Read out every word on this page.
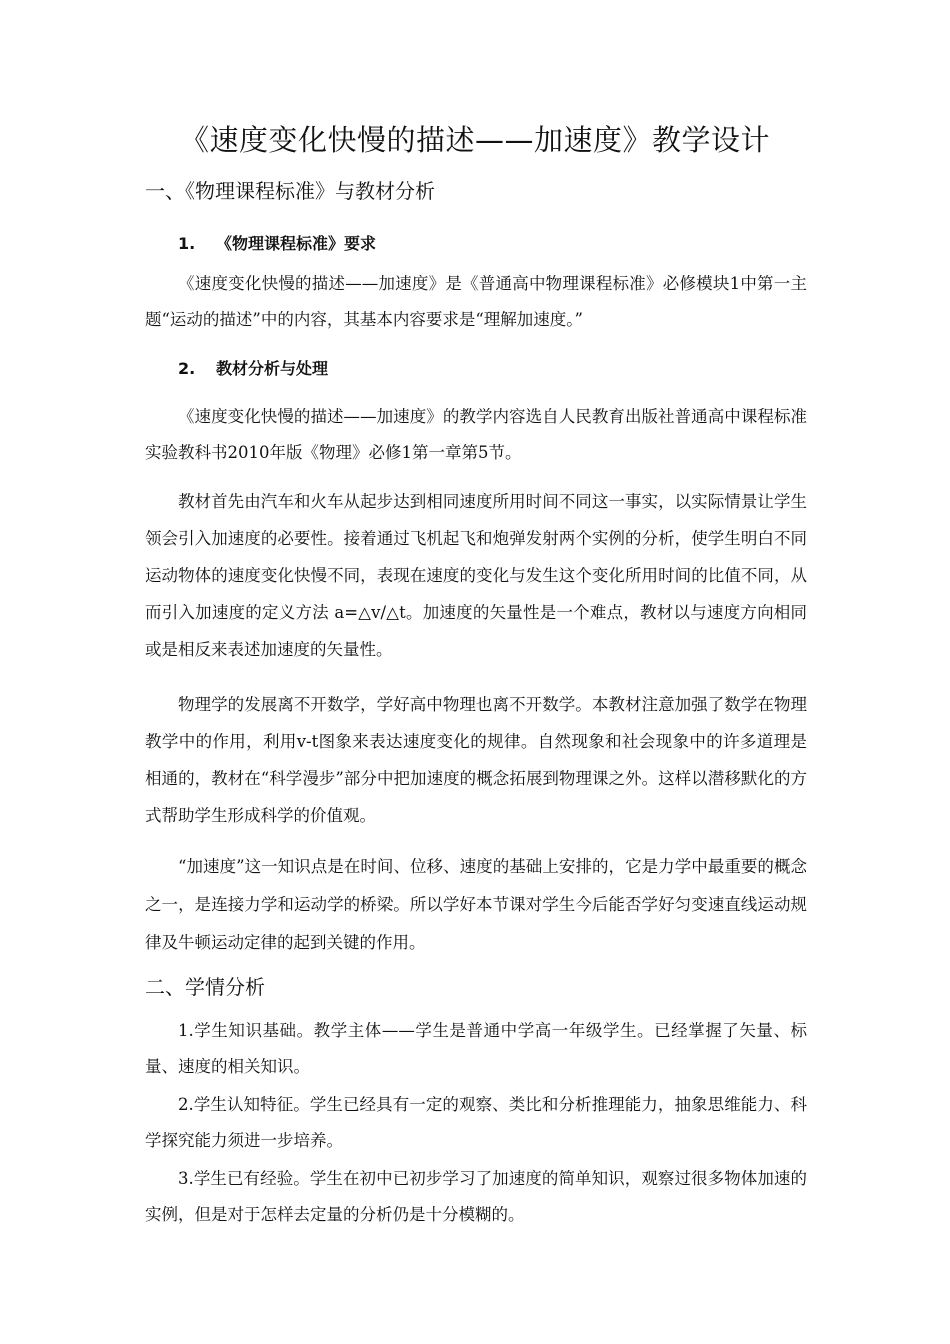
《速度变化快慢的描述——加速度》教学设计
一、《物理课程标准》与教材分析
1. 《物理课程标准》要求

《速度变化快慢的描述——加速度》是《普通高中物理课程标准》必修模块1中第一主题“运动的描述”中的内容，其基本内容要求是“理解加速度。”

2. 教材分析与处理

《速度变化快慢的描述——加速度》的教学内容选自人民教育出版社普通高中课程标准实验教科书2010年版《物理》必修1第一章第5节。

教材首先由汽车和火车从起步达到相同速度所用时间不同这一事实，以实际情景让学生领会引入加速度的必要性。接着通过飞机起飞和炮弹发射两个实例的分析，使学生明白不同运动物体的速度变化快慢不同，表现在速度的变化与发生这个变化所用时间的比值不同，从而引入加速度的定义方法 a=△v/△t。加速度的矢量性是一个难点，教材以与速度方向相同或是相反来表述加速度的矢量性。

物理学的发展离不开数学，学好高中物理也离不开数学。本教材注意加强了数学在物理教学中的作用，利用v-t图象来表达速度变化的规律。自然现象和社会现象中的许多道理是相通的，教材在“科学漫步”部分中把加速度的概念拓展到物理课之外。这样以潜移默化的方式帮助学生形成科学的价值观。

“加速度”这一知识点是在时间、位移、速度的基础上安排的，它是力学中最重要的概念之一，是连接力学和运动学的桥梁。所以学好本节课对学生今后能否学好匀变速直线运动规律及牛顿运动定律的起到关键的作用。

二、学情分析

1.学生知识基础。教学主体——学生是普通中学高一年级学生。已经掌握了矢量、标量、速度的相关知识。

2.学生认知特征。学生已经具有一定的观察、类比和分析推理能力，抽象思维能力、科学探究能力须进一步培养。

3.学生已有经验。学生在初中已初步学习了加速度的简单知识，观察过很多物体加速的实例，但是对于怎样去定量的分析仍是十分模糊的。
